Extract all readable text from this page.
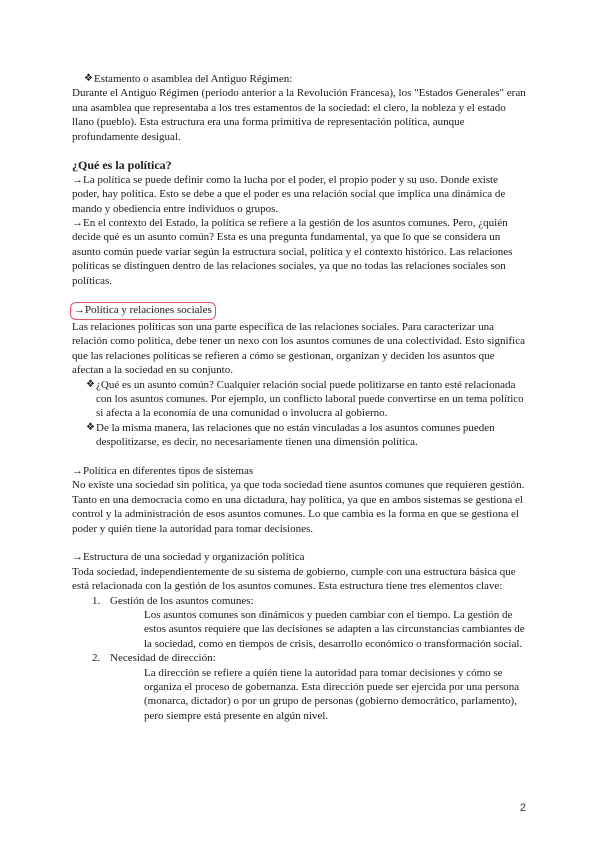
❖ Estamento o asamblea del Antiguo Régimen:

Durante el Antiguo Régimen (periodo anterior a la Revolución Francesa), los "Estados Generales" eran una asamblea que representaba a los tres estamentos de la sociedad: el clero, la nobleza y el estado llano (pueblo). Esta estructura era una forma primitiva de representación política, aunque profundamente desigual.

¿Qué es la política?

→La política se puede definir como la lucha por el poder, el propio poder y su uso. Donde existe poder, hay política. Esto se debe a que el poder es una relación social que implica una dinámica de mando y obediencia entre individuos o grupos.

→En el contexto del Estado, la política se refiere a la gestión de los asuntos comunes. Pero, ¿quién decide qué es un asunto común? Esta es una pregunta fundamental, ya que lo que se considera un asunto común puede variar según la estructura social, política y el contexto histórico. Las relaciones políticas se distinguen dentro de las relaciones sociales, ya que no todas las relaciones sociales son políticas.

→Política y relaciones sociales

Las relaciones políticas son una parte específica de las relaciones sociales. Para caracterizar una relación como política, debe tener un nexo con los asuntos comunes de una colectividad. Esto significa que las relaciones políticas se refieren a cómo se gestionan, organizan y deciden los asuntos que afectan a la sociedad en su conjunto.

❖ ¿Qué es un asunto común? Cualquier relación social puede politizarse en tanto esté relacionada con los asuntos comunes. Por ejemplo, un conflicto laboral puede convertirse en un tema político si afecta a la economía de una comunidad o involucra al gobierno.
❖ De la misma manera, las relaciones que no están vinculadas a los asuntos comunes pueden despolitizarse, es decir, no necesariamente tienen una dimensión política.

→Política en diferentes tipos de sistemas

No existe una sociedad sin política, ya que toda sociedad tiene asuntos comunes que requieren gestión. Tanto en una democracia como en una dictadura, hay política, ya que en ambos sistemas se gestiona el control y la administración de esos asuntos comunes. Lo que cambia es la forma en que se gestiona el poder y quién tiene la autoridad para tomar decisiones.

→Estructura de una sociedad y organización política

Toda sociedad, independientemente de su sistema de gobierno, cumple con una estructura básica que está relacionada con la gestión de los asuntos comunes. Esta estructura tiene tres elementos clave:

1. Gestión de los asuntos comunes:

Los asuntos comunes son dinámicos y pueden cambiar con el tiempo. La gestión de estos asuntos requiere que las decisiones se adapten a las circunstancias cambiantes de la sociedad, como en tiempos de crisis, desarrollo económico o transformación social.

2. Necesidad de dirección:

La dirección se refiere a quién tiene la autoridad para tomar decisiones y cómo se organiza el proceso de gobernanza. Esta dirección puede ser ejercida por una persona (monarca, dictador) o por un grupo de personas (gobierno democrático, parlamento), pero siempre está presente en algún nivel.

2
